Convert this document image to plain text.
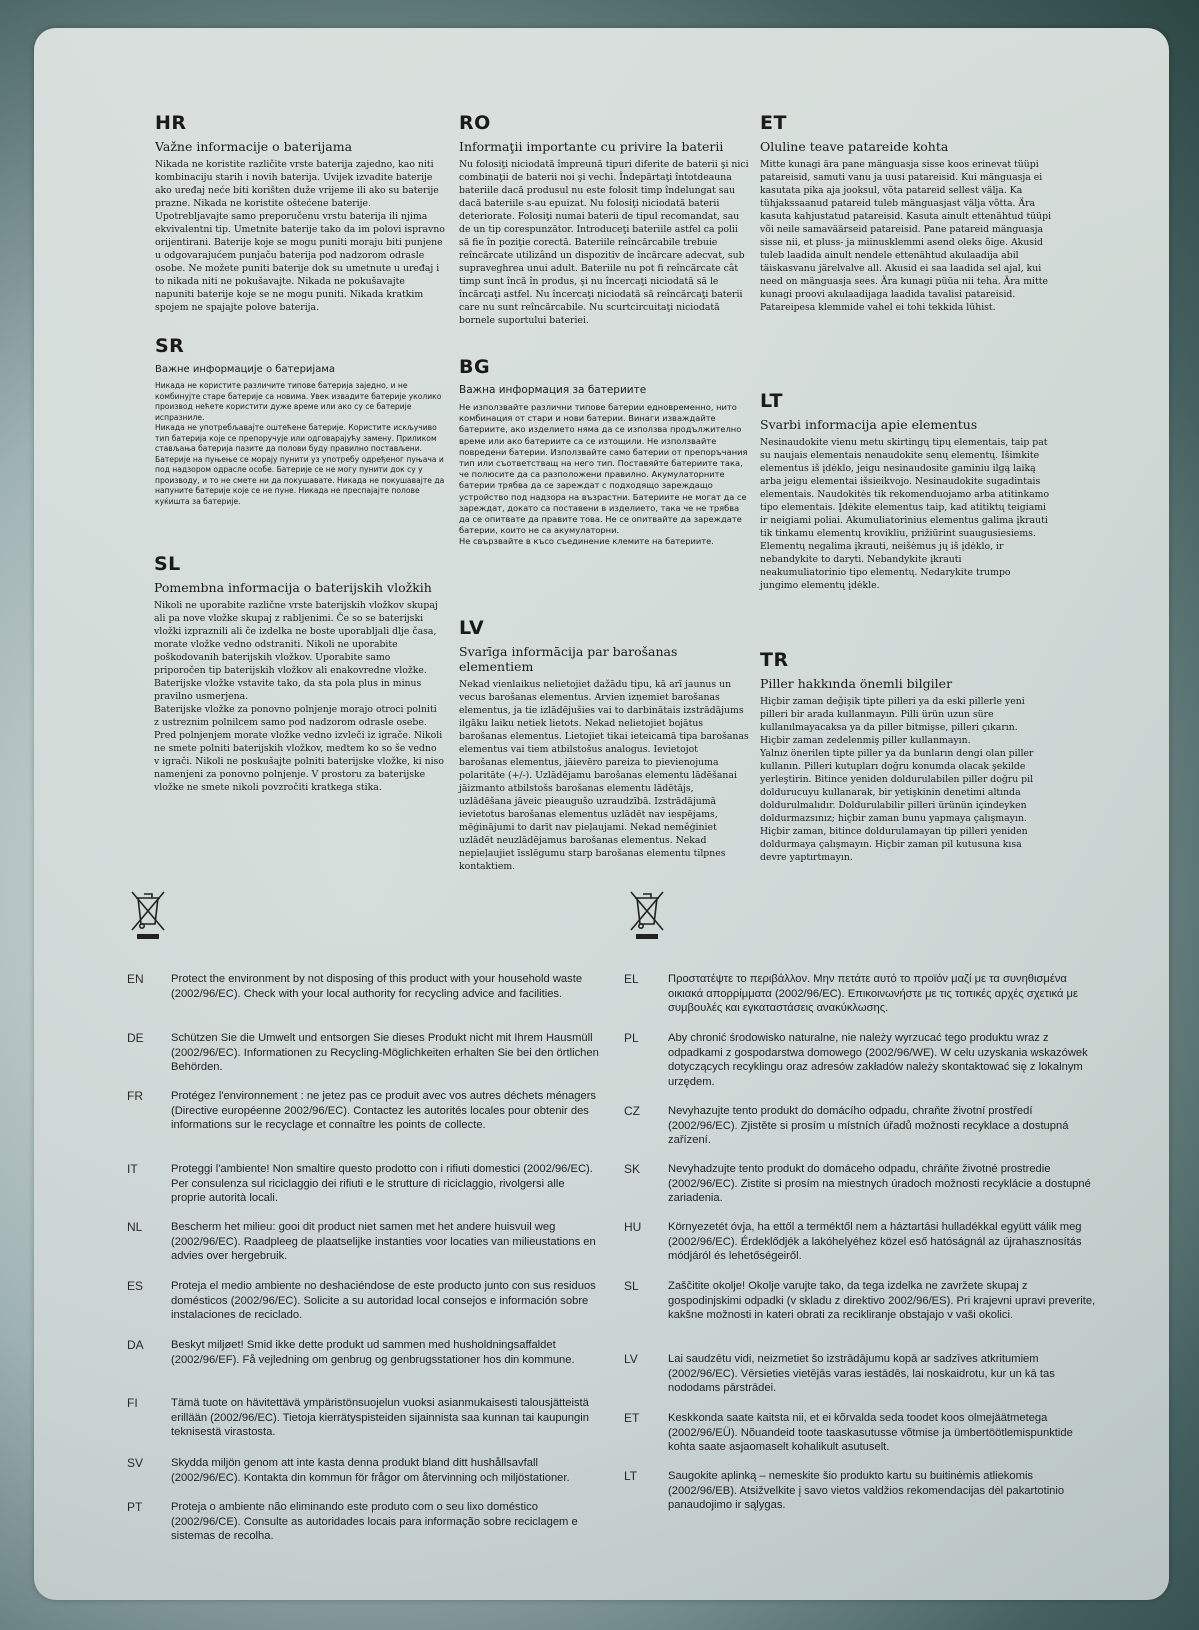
HR
Važne informacije o baterijama

Nikada ne koristite različite vrste baterija zajedno, kao niti kombinaciju starih i novih baterija. Uvijek izvadite baterije ako uređaj neće biti korišten duže vrijeme ili ako su baterije prazne. Nikada ne koristite oštećene baterije. Upotrebljavajte samo preporučenu vrstu baterija ili njima ekvivalentni tip. Umetnite baterije tako da im polovi ispravno orijentirani. Baterije koje se mogu puniti moraju biti punjene u odgovarajućem punjaču baterija pod nadzorom odrasle osobe. Ne možete puniti baterije dok su umetnute u uređaj i to nikada niti ne pokušavajte. Nikada ne pokušavajte napuniti baterije koje se ne mogu puniti. Nikada kratkim spojem ne spajajte polove baterija.

SR
Важне информације о батеријама

Никада не користите различите типове батерија заједно, и не комбинујте старе батерије са новима. Увек извадите батерије уколико производ нећете користити дуже време или ако су се батерије испразниле.
Никада не употребљавајте оштећене батерије. Користите искључиво тип батерија које се препоручује или одговарајућу замену. Приликом стављања батерија пазите да полови буду правилно постављени. Батерије на пуњење се морају пунити уз употребу одређеног пуњача и под надзором одрасле особе. Батерије се не могу пунити док су у производу, и то не смете ни да покушавате. Никада не покушавајте да напуните батерије које се не пуне. Никада не преспајајте полове куќишта за батерије.

SL
Pomembna informacija o baterijskih vložkih

Nikoli ne uporabite različne vrste baterijskih vložkov skupaj ali pa nove vložke skupaj z rabljenimi. Če so se baterijski vložki izpraznili ali če izdelka ne boste uporabljali dlje časa, morate vložke vedno odstraniti. Nikoli ne uporabite poškodovanih baterijskih vložkov. Uporabite samo priporočen tip baterijskih vložkov ali enakovredne vložke. Baterijske vložke vstavite tako, da sta pola plus in minus pravilno usmerjena.
Baterijske vložke za ponovno polnjenje morajo otroci polniti z ustreznim polnilcem samo pod nadzorom odrasle osebe. Pred polnjenjem morate vložke vedno izvleči iz igrače. Nikoli ne smete polniti baterijskih vložkov, medtem ko so še vedno v igrači. Nikoli ne poskušajte polniti baterijske vložke, ki niso namenjeni za ponovno polnjenje. V prostoru za baterijske vložke ne smete nikoli povzročiti kratkega stika.

RO
Informaţii importante cu privire la baterii

Nu folosiţi niciodată împreună tipuri diferite de baterii şi nici combinaţii de baterii noi şi vechi. Îndepărtaţi întotdeauna bateriile dacă produsul nu este folosit timp îndelungat sau dacă bateriile s-au epuizat. Nu folosiţi niciodată baterii deteriorate. Folosiţi numai baterii de tipul recomandat, sau de un tip corespunzător. Introduceţi bateriile astfel ca polii să fie în poziţie corectă. Bateriile reîncărcabile trebuie reîncărcate utilizând un dispozitiv de încărcare adecvat, sub supraveghrea unui adult. Bateriile nu pot fi reîncărcate cât timp sunt încă în produs, şi nu încercaţi niciodată să le încărcaţi astfel. Nu încercaţi niciodată să reîncărcaţi baterii care nu sunt reîncărcabile. Nu scurtcircuitaţi niciodată bornele suportului bateriei.

BG
Важна информация за батериите

Не използвайте различни типове батерии едновременно, нито комбинация от стари и нови батерии. Винаги изваждайте батериите, ако изделието няма да се използва продължително време или ако батериите са се изтощили. Не използвайте повредени батерии. Използвайте само батерии от препоръчания тип или съответстващ на него тип. Поставяйте батериите така, че полюсите да са разположени правилно. Акумулаторните батерии трябва да се зареждат с подходящо зареждащо устройство под надзора на възрастни. Батериите не могат да се зареждат, докато са поставени в изделието, така че не трябва да се опитвате да правите това. Не се опитвайте да зареждате батерии, които не са акумулаторни.
Не свързвайте в късо съединение клемите на батериите.

LV
Svarīga informācija par barošanas elementiem

Nekad vienlaikus nelietojiet dažādu tipu, kā arī jaunus un vecus barošanas elementus. Arvien izņemiet barošanas elementus, ja tie izlādējušies vai to darbinātais izstrādājums ilgāku laiku netiek lietots. Nekad nelietojiet bojātus barošanas elementus. Lietojiet tikai ieteicamā tipa barošanas elementus vai tiem atbilstošus analogus. Ievietojot barošanas elementus, jāievēro pareiza to pievienojuma polaritāte (+/-). Uzlādējamu barošanas elementu lādēšanai jāizmanto atbilstošs barošanas elementu lādētājs, uzlādēšana jāveic pieaugušo uzraudzībā. Izstrādājumā ievietotus barošanas elementus uzlādēt nav iespējams, mēģinājumi to darīt nav pieļaujami. Nekad neměģiniet uzlādēt neuzlādējamus barošanas elementus. Nekad nepieļaujiet īsslēgumu starp barošanas elementu tilpnes kontaktiem.

ET
Oluline teave patareide kohta

Mitte kunagi ära pane mänguasja sisse koos erinevat tüüpi patareisid, samuti vanu ja uusi patareisid. Kui mänguasja ei kasutata pika aja jooksul, võta patareid sellest välja. Ka tühjakssaanud patareid tuleb mänguasjast välja võtta. Ära kasuta kahjustatud patareisid. Kasuta ainult ettenähtud tüüpi või neile samaväärseid patareisid. Pane patareid mänguasja sisse nii, et pluss- ja miinusklemmi asend oleks õige. Akusid tuleb laadida ainult nendele ettenähtud akulaadija abil täiskasvanu järelvalve all. Akusid ei saa laadida sel ajal, kui need on mänguasja sees. Ära kunagi püüa nii teha. Ära mitte kunagi proovi akulaadijaga laadida tavalisi patareisid. Patareipesa klemmide vahel ei tohi tekkida lühist.

LT
Svarbi informacija apie elementus

Nesinaudokite vienu metu skirtingų tipų elementais, taip pat su naujais elementais nenaudokite senų elementų. Išimkite elementus iš įdėklo, jeigu nesinaudosite gaminiu ilgą laiką arba jeigu elementai išsieikvojo. Nesinaudokite sugadintais elementais. Naudokitės tik rekomenduojamo arba atitinkamo tipo elementais. Įdėkite elementus taip, kad atitiktų teigiami ir neigiami poliai. Akumuliatorinius elementus galima įkrauti tik tinkamu elementų krovikliu, prižiūrint suaugusiesiems. Elementų negalima įkrauti, neišėmus jų iš įdėklo, ir nebandykite to daryti. Nebandykite įkrauti neakumuliatorinio tipo elementų. Nedarykite trumpo jungimo elementų įdėkle.

TR
Piller hakkında önemli bilgiler

Hiçbir zaman değişik tipte pilleri ya da eski pillerle yeni pilleri bir arada kullanmayın. Pilli ürün uzun süre kullanılmayacaksa ya da piller bitmişse, pilleri çıkarın. Hiçbir zaman zedelenmiş piller kullanmayın.
Yalnız önerilen tipte piller ya da bunların dengi olan piller kullanın. Pilleri kutupları doğru konumda olacak şekilde yerleştirin. Bitince yeniden doldurulabilen piller doğru pil doldurucuyu kullanarak, bir yetişkinin denetimi altında doldurulmalıdır. Doldurulabilir pilleri ürünün içindeyken doldurmazsınız; hiçbir zaman bunu yapmaya çalışmayın. Hiçbir zaman, bitince doldurulamayan tip pilleri yeniden doldurmaya çalışmayın. Hiçbir zaman pil kutusuna kısa devre yaptırtmayın.

EN Protect the environment by not disposing of this product with your household waste (2002/96/EC). Check with your local authority for recycling advice and facilities.
DE Schützen Sie die Umwelt und entsorgen Sie dieses Produkt nicht mit Ihrem Hausmüll (2002/96/EC). Informationen zu Recycling-Möglichkeiten erhalten Sie bei den örtlichen Behörden.
FR	Protégez l'environnement : ne jetez pas ce produit avec vos autres déchets ménagers (Directive européenne 2002/96/EC). Contactez les autorités locales pour obtenir des informations sur le recyclage et connaître les points de collecte.
IT	Proteggi l'ambiente! Non smaltire questo prodotto con i rifiuti domestici (2002/96/EC). Per consulenza sul riciclaggio dei rifiuti e le strutture di riciclaggio, rivolgersi alle proprie autorità locali.
NL	Bescherm het milieu: gooi dit product niet samen met het andere huisvuil weg (2002/96/EC). Raadpleeg de plaatselijke instanties voor locaties van milieustations en advies over hergebruik.
ES Proteja el medio ambiente no deshaciéndose de este producto junto con sus residuos domésticos (2002/96/EC). Solicite a su autoridad local consejos e información sobre instalaciones de reciclado.
DA Beskyt miljøet! Smid ikke dette produkt ud sammen med husholdningsaffaldet (2002/96/EF). Få vejledning om genbrug og genbrugsstationer hos din kommune.
FI	Tämä tuote on hävitettävä ympäristönsuojelun vuoksi asianmukaisesti talousjätteistä erillään (2002/96/EC). Tietoja kierrätyspisteiden sijainnista saa kunnan tai kaupungin teknisestä virastosta.
SV Skydda miljön genom att inte kasta denna produkt bland ditt hushållsavfall (2002/96/EC). Kontakta din kommun för frågor om återvinning och miljöstationer.
PT	Proteja o ambiente não eliminando este produto com o seu lixo doméstico (2002/96/CE). Consulte as autoridades locais para informação sobre reciclagem e sistemas de recolha.
EL	Προστατέψτε το περιβάλλον. Μην πετάτε αυτό το προϊόν μαζί με τα συνηθισμένα οικιακά απορρίμματα (2002/96/EC). Επικοινωνήστε με τις τοπικές αρχές σχετικά με συμβουλές και εγκαταστάσεις ανακύκλωσης.
PL	Aby chronić środowisko naturalne, nie należy wyrzucać tego produktu wraz z odpadkami z gospodarstwa domowego (2002/96/WE). W celu uzyskania wskazówek dotyczących recyklingu oraz adresów zakładów należy skontaktować się z lokalnym urzędem.
CZ	Nevyhazujte tento produkt do domácího odpadu, chraňte životní prostředí (2002/96/EC). Zjistěte si prosím u místních úřadů možnosti recyklace a dostupná zařízení.
SK Nevyhadzujte tento produkt do domáceho odpadu, chráňte životné prostredie (2002/96/EC). Zistite si prosím na miestnych úradoch možnosti recyklácie a dostupné zariadenia.
HU Környezetét óvja, ha ettől a terméktől nem a háztartási hulladékkal együtt válik meg (2002/96/EC). Érdeklődjék a lakóhelyéhez közel eső hatóságnál az újrahasznosítás módjáról és lehetőségeiről.
SL	Zaščitite okolje! Okolje varujte tako, da tega izdelka ne zavržete skupaj z gospodinjskimi odpadki (v skladu z direktivo 2002/96/ES). Pri krajevni upravi preverite, kakšne možnosti in kateri obrati za recikliranje obstajajo v vaši okolici.
LV	Lai saudzētu vidi, neizmetiet šo izstrādājumu kopā ar sadzīves atkritumiem (2002/96/EC). Vērsieties vietējās varas iestādēs, lai noskaidrotu, kur un kā tas nododams pārstrādei.
ET	Keskkonda saate kaitsta nii, et ei kõrvalda seda toodet koos olmejäätmetega (2002/96/EÜ). Nõuandeid toote taaskasutusse võtmise ja ümbertöötlemispunktide kohta saate asjaomaselt kohalikult asutuselt.
LT	Saugokite aplinką – nemeskite šio produkto kartu su buitinėmis atliekomis (2002/96/EB). Atsižvelkite į savo vietos valdžios rekomendacijas dėl pakartotinio panaudojimo ir sąlygas.
